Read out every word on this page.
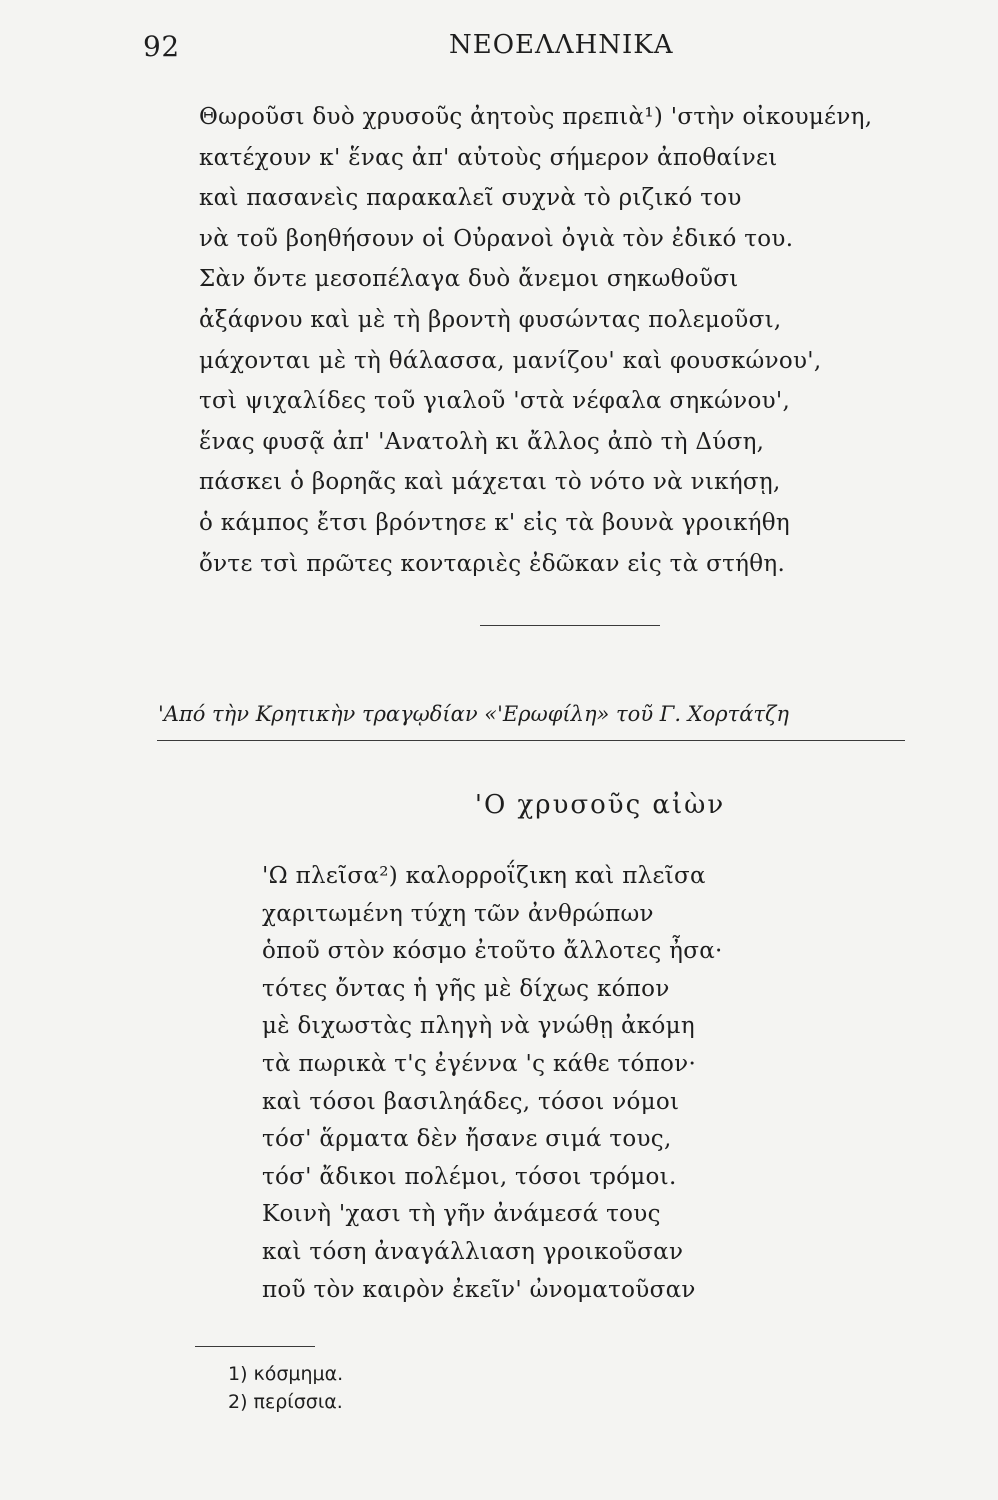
92	ΝΕΟΕΛΛΗΝΙΚΑ
Θωροῦσι δυὸ χρυσοῦς ἀητοὺς πρεπιὰ¹) 'στὴν οἰκουμένη,
κατέχουν κ' ἕνας ἀπ' αὐτοὺς σήμερον ἀποθαίνει
καὶ πασανεὶς παρακαλεῖ συχνὰ τὸ ριζικό του
νὰ τοῦ βοηθήσουν οἱ Οὐρανοὶ ὀγιὰ τὸν ἐδικό του.
Σὰν ὄντε μεσοπέλαγα δυὸ ἄνεμοι σηκωθοῦσι
ἀξάφνου καὶ μὲ τὴ βροντὴ φυσώντας πολεμοῦσι,
μάχονται μὲ τὴ θάλασσα, μανίζου' καὶ φουσκώνου',
τσὶ ψιχαλίδες τοῦ γιαλοῦ 'στὰ νέφαλα σηκώνου',
ἕνας φυσᾷ ἀπ' 'Ανατολὴ κι ἄλλος ἀπὸ τὴ Δύση,
πάσκει ὁ βορηᾶς καὶ μάχεται τὸ νότο νὰ νικήσῃ,
ὁ κάμπος ἔτσι βρόντησε κ' εἰς τὰ βουνὰ γροικήθη
ὄντε τσὶ πρῶτες κονταριὲς ἐδῶκαν εἰς τὰ στήθη.
'Από τὴν Κρητικὴν τραγῳδίαν «'Ερωφίλη» τοῦ Γ. Χορτάτζη
'Ο χρυσοῦς αἰὼν
'Ω πλεῖσα²) καλορροΐζικη καὶ πλεῖσα
χαριτωμένη τύχη τῶν ἀνθρώπων
ὁποῦ στὸν κόσμο ἐτοῦτο ἄλλοτες ἦσα·
τότες ὄντας ἡ γῆς μὲ δίχως κόπον
μὲ διχωστὰς πληγὴ νὰ γνώθῃ ἀκόμη
τὰ πωρικὰ τ'ς ἐγέννα 'ς κάθε τόπον·
καὶ τόσοι βασιληάδες, τόσοι νόμοι
τόσ' ἅρματα δὲν ἤσανε σιμά τους,
τόσ' ἄδικοι πολέμοι, τόσοι τρόμοι.
Κοινὴ 'χασι τὴ γῆν ἀνάμεσά τους
καὶ τόση ἀναγάλλιαση γροικοῦσαν
ποῦ τὸν καιρὸν ἐκεῖν' ὠνοματοῦσαν
1) κόσμημα.
2) περίσσια.
